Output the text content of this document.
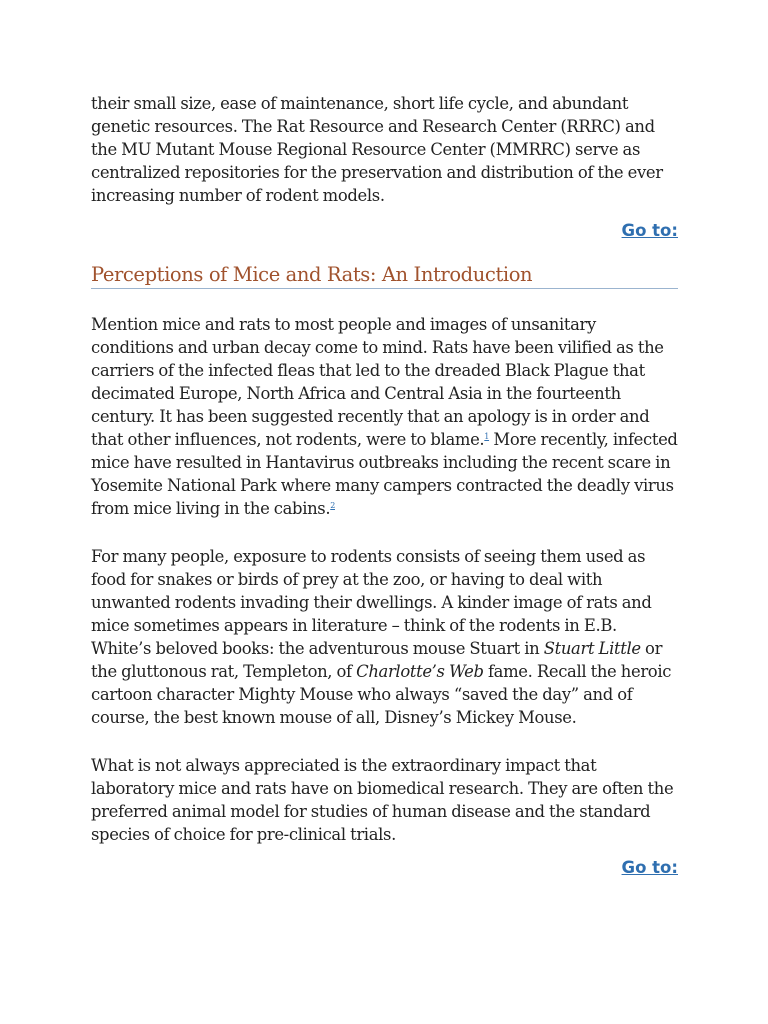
their small size, ease of maintenance, short life cycle, and abundant genetic resources. The Rat Resource and Research Center (RRRC) and the MU Mutant Mouse Regional Resource Center (MMRRC) serve as centralized repositories for the preservation and distribution of the ever increasing number of rodent models.

Go to:
Perceptions of Mice and Rats: An Introduction

Mention mice and rats to most people and images of unsanitary conditions and urban decay come to mind. Rats have been vilified as the carriers of the infected fleas that led to the dreaded Black Plague that decimated Europe, North Africa and Central Asia in the fourteenth century. It has been suggested recently that an apology is in order and that other influences, not rodents, were to blame.$^1$ More recently, infected mice have resulted in Hantavirus outbreaks including the recent scare in Yosemite National Park where many campers contracted the deadly virus from mice living in the cabins.$^2$

For many people, exposure to rodents consists of seeing them used as food for snakes or birds of prey at the zoo, or having to deal with unwanted rodents invading their dwellings. A kinder image of rats and mice sometimes appears in literature – think of the rodents in E.B. White’s beloved books: the adventurous mouse Stuart in Stuart Little or the gluttonous rat, Templeton, of Charlotte’s Web fame. Recall the heroic cartoon character Mighty Mouse who always “saved the day” and of course, the best known mouse of all, Disney’s Mickey Mouse.

What is not always appreciated is the extraordinary impact that laboratory mice and rats have on biomedical research. They are often the preferred animal model for studies of human disease and the standard species of choice for pre-clinical trials.

Go to:
